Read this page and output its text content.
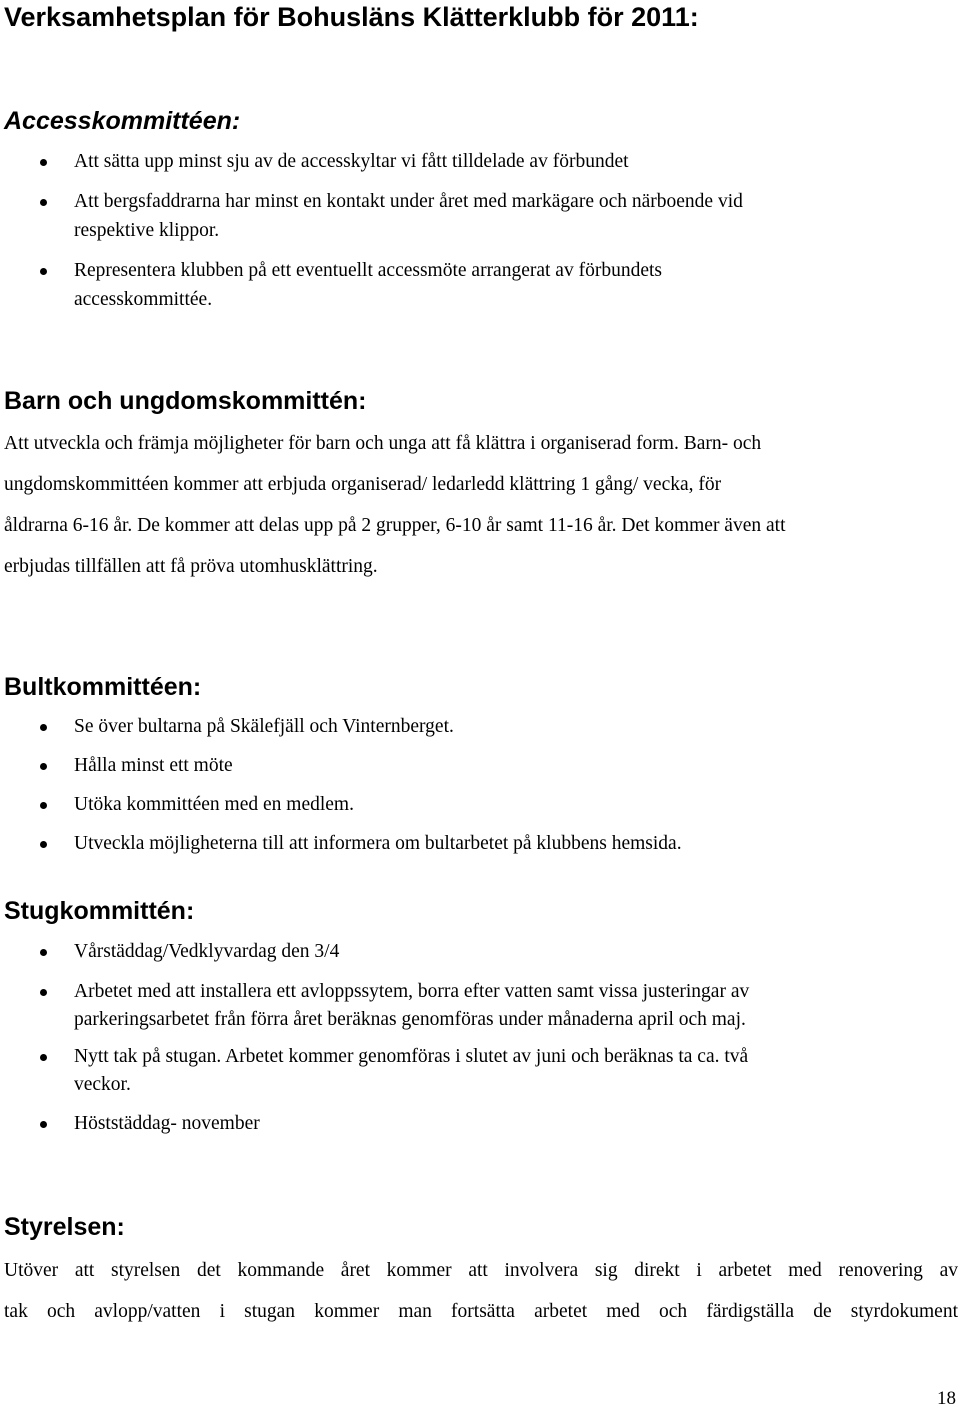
Verksamhetsplan för Bohusläns Klätterklubb för 2011:
Accesskommittéen:
Att sätta upp minst sju av de accesskyltar vi fått tilldelade av förbundet
Att bergsfaddrarna har minst en kontakt under året med markägare och närboende vid
respektive klippor.
Representera klubben på ett eventuellt accessmöte arrangerat av förbundets
accesskommittée.
Barn och ungdomskommittén:

Att utveckla och främja möjligheter för barn och unga att få klättra i organiserad form. Barn- och

ungdomskommittéen kommer att erbjuda organiserad/ ledarledd klättring 1 gång/ vecka, för

åldrarna 6-16 år. De kommer att delas upp på 2 grupper, 6-10 år samt 11-16 år. Det kommer även att

erbjudas tillfällen att få pröva utomhusklättring.

Bultkommittéen:
Se över bultarna på Skälefjäll och Vinternberget.
Hålla minst ett möte
Utöka kommittéen med en medlem.
Utveckla möjligheterna till att informera om bultarbetet på klubbens hemsida.
Stugkommittén:
Vårstäddag/Vedklyvardag den 3/4
Arbetet med att installera ett avloppssytem, borra efter vatten samt vissa justeringar av
parkeringsarbetet från förra året beräknas genomföras under månaderna april och maj.
Nytt tak på stugan. Arbetet kommer genomföras i slutet av juni och beräknas ta ca. två
veckor.
Höststäddag- november
Styrelsen:

Utöver att styrelsen det kommande året kommer att involvera sig direkt i arbetet med renovering av

tak och avlopp/vatten i stugan kommer man fortsätta arbetet med och färdigställa de styrdokument

18
